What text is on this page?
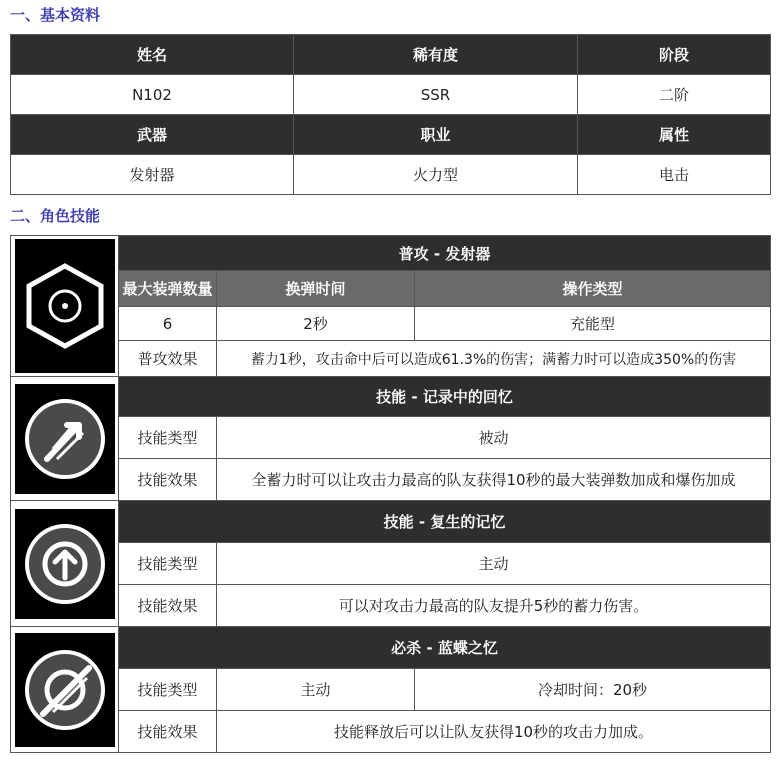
一、基本资料
姓名	稀有度	阶段
N102	SSR	二阶
武器	职业	属性
发射器	火力型	电击
二、角色技能
	普攻 - 发射器		
	最大装弹数量	换弹时间	操作类型
	6	2秒	充能型
	普攻效果	蓄力1秒，攻击命中后可以造成61.3%的伤害；满蓄力时可以造成350%的伤害	

	技能 - 记录中的回忆		
	技能类型	被动	
	技能效果	全蓄力时可以让攻击力最高的队友获得10秒的最大装弹数加成和爆伤加成	

	技能 - 复生的记忆		
	技能类型	主动	
	技能效果	可以对攻击力最高的队友提升5秒的蓄力伤害。	

	必杀 - 蓝蝶之忆		
	技能类型	主动	冷却时间：20秒
	技能效果	技能释放后可以让队友获得10秒的攻击力加成。	
